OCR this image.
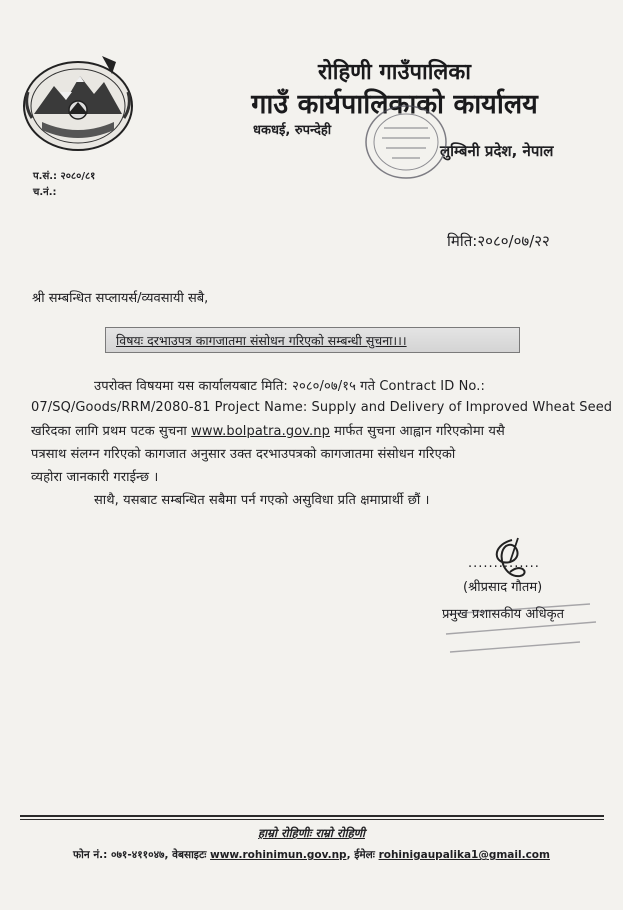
रोहिणी गाउँपालिका
गाउँ कार्यपालिकाको कार्यालय
धकधई, रुपन्देही
लुम्बिनी प्रदेश, नेपाल
प.सं.: २०८०/८१
च.नं.:
मिति:२०८०/०७/२२
श्री सम्बन्धित सप्लायर्स/व्यवसायी सबै,
विषयः दरभाउपत्र कागजातमा संसोधन गरिएको सम्बन्धी सुचना।।।
उपरोक्त विषयमा यस कार्यालयबाट मिति: २०८०/०७/१५ गते Contract ID No.:
07/SQ/Goods/RRM/2080-81 Project Name: Supply and Delivery of Improved Wheat Seed
खरिदका लागि प्रथम पटक सुचना www.bolpatra.gov.np मार्फत सुचना आह्वान गरिएकोमा यसै
पत्रसाथ संलग्न गरिएको कागजात अनुसार उक्त दरभाउपत्रको कागजातमा संसोधन गरिएको
व्यहोरा जानकारी गराईन्छ ।
साथै, यसबाट सम्बन्धित सबैमा पर्न गएको असुविधा प्रति क्षमाप्रार्थी छौं ।
..............
(श्रीप्रसाद गौतम)
प्रमुख प्रशासकीय अधिकृत
हाम्रो रोहिणीः राम्रो रोहिणी
फोन नं.: ०७१-४११०४७, वेबसाइटः www.rohinimun.gov.np, ईमेलः rohinigaupalika1@gmail.com
